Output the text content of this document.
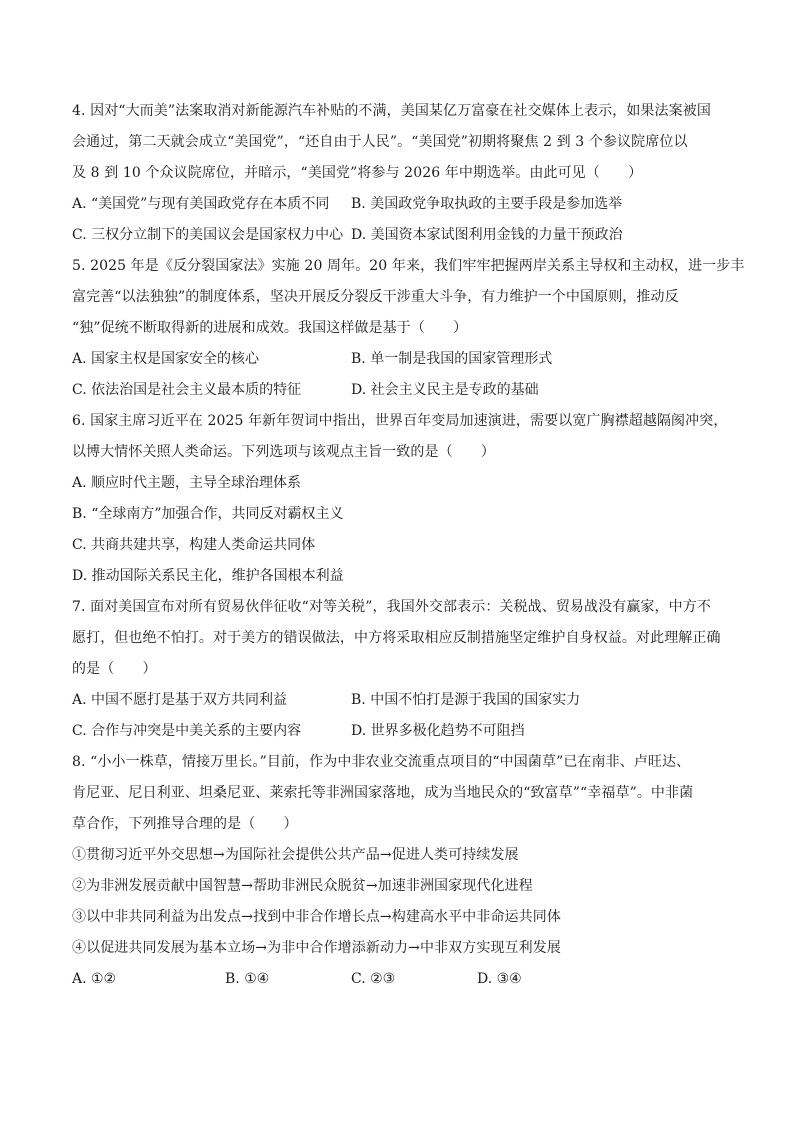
4. 因对“大而美”法案取消对新能源汽车补贴的不满，美国某亿万富豪在社交媒体上表示，如果法案被国
会通过，第二天就会成立“美国党”，“还自由于人民”。“美国党”初期将聚焦 2 到 3 个参议院席位以
及 8 到 10 个众议院席位，并暗示，“美国党”将参与 2026 年中期选举。由此可见（　　）
A. “美国党”与现有美国政党存在本质不同 B. 美国政党争取执政的主要手段是参加选举
C. 三权分立制下的美国议会是国家权力中心 D. 美国资本家试图利用金钱的力量干预政治
5. 2025 年是《反分裂国家法》实施 20 周年。20 年来，我们牢牢把握两岸关系主导权和主动权，进一步丰
富完善“以法独独”的制度体系，坚决开展反分裂反干涉重大斗争，有力维护一个中国原则，推动反
“独”促统不断取得新的进展和成效。我国这样做是基于（　　）
A. 国家主权是国家安全的核心	B. 单一制是我国的国家管理形式
C. 依法治国是社会主义最本质的特征	D. 社会主义民主是专政的基础
6. 国家主席习近平在 2025 年新年贺词中指出，世界百年变局加速演进，需要以宽广胸襟超越隔阂冲突，
以博大情怀关照人类命运。下列选项与该观点主旨一致的是（　　）
A. 顺应时代主题，主导全球治理体系
B. “全球南方”加强合作，共同反对霸权主义
C. 共商共建共享，构建人类命运共同体
D. 推动国际关系民主化，维护各国根本利益
7. 面对美国宣布对所有贸易伙伴征收“对等关税”，我国外交部表示：关税战、贸易战没有赢家，中方不
愿打，但也绝不怕打。对于美方的错误做法，中方将采取相应反制措施坚定维护自身权益。对此理解正确
的是（　　）
A. 中国不愿打是基于双方共同利益	B. 中国不怕打是源于我国的国家实力
C. 合作与冲突是中美关系的主要内容	D. 世界多极化趋势不可阻挡
8. “小小一株草，情接万里长。”目前，作为中非农业交流重点项目的“中国菌草”已在南非、卢旺达、
肯尼亚、尼日利亚、坦桑尼亚、莱索托等非洲国家落地，成为当地民众的“致富草”“幸福草”。中非菌
草合作，下列推导合理的是（　　）
①贯彻习近平外交思想→为国际社会提供公共产品→促进人类可持续发展
②为非洲发展贡献中国智慧→帮助非洲民众脱贫→加速非洲国家现代化进程
③以中非共同利益为出发点→找到中非合作增长点→构建高水平中非命运共同体
④以促进共同发展为基本立场→为非中合作增添新动力→中非双方实现互利发展
A. ①②	B. ①④	C. ②③	D. ③④
